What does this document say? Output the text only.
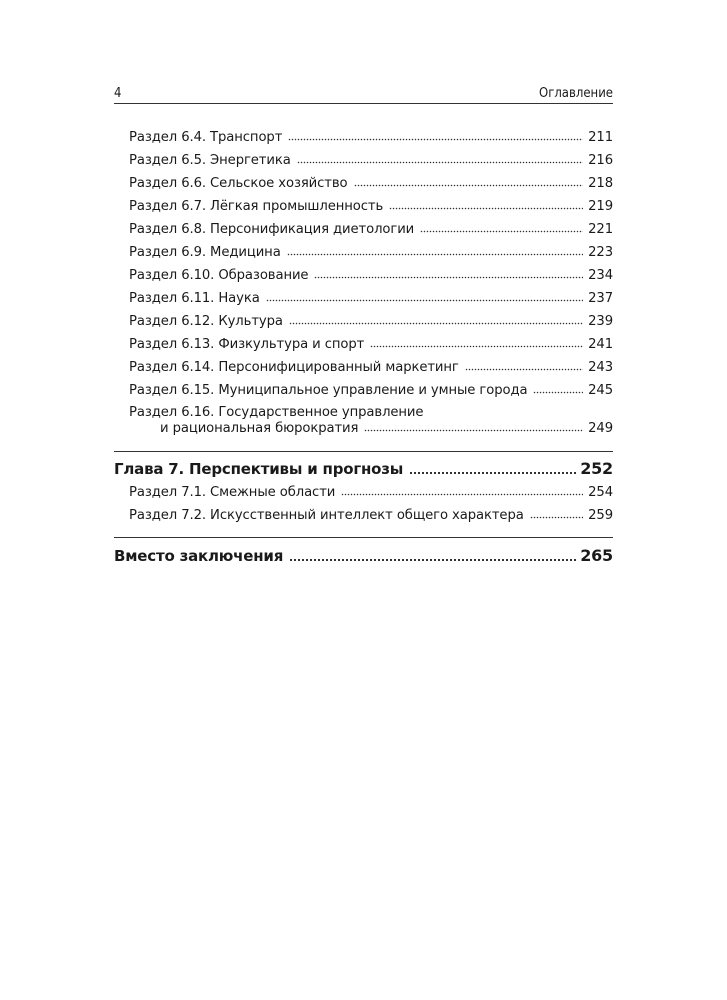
4	Оглавление
Раздел 6.4. Транспорт	211
Раздел 6.5. Энергетика	216
Раздел 6.6. Сельское хозяйство	218
Раздел 6.7. Лёгкая промышленность	219
Раздел 6.8. Персонификация диетологии	221
Раздел 6.9. Медицина	223
Раздел 6.10. Образование	234
Раздел 6.11. Наука	237
Раздел 6.12. Культура	239
Раздел 6.13. Физкультура и спорт	241
Раздел 6.14. Персонифицированный маркетинг	243
Раздел 6.15. Муниципальное управление и умные города	245
Раздел 6.16. Государственное управление
и рациональная бюрократия	249
Глава 7. Перспективы и прогнозы	252
Раздел 7.1. Смежные области	254
Раздел 7.2. Искусственный интеллект общего характера	259
Вместо заключения	265
